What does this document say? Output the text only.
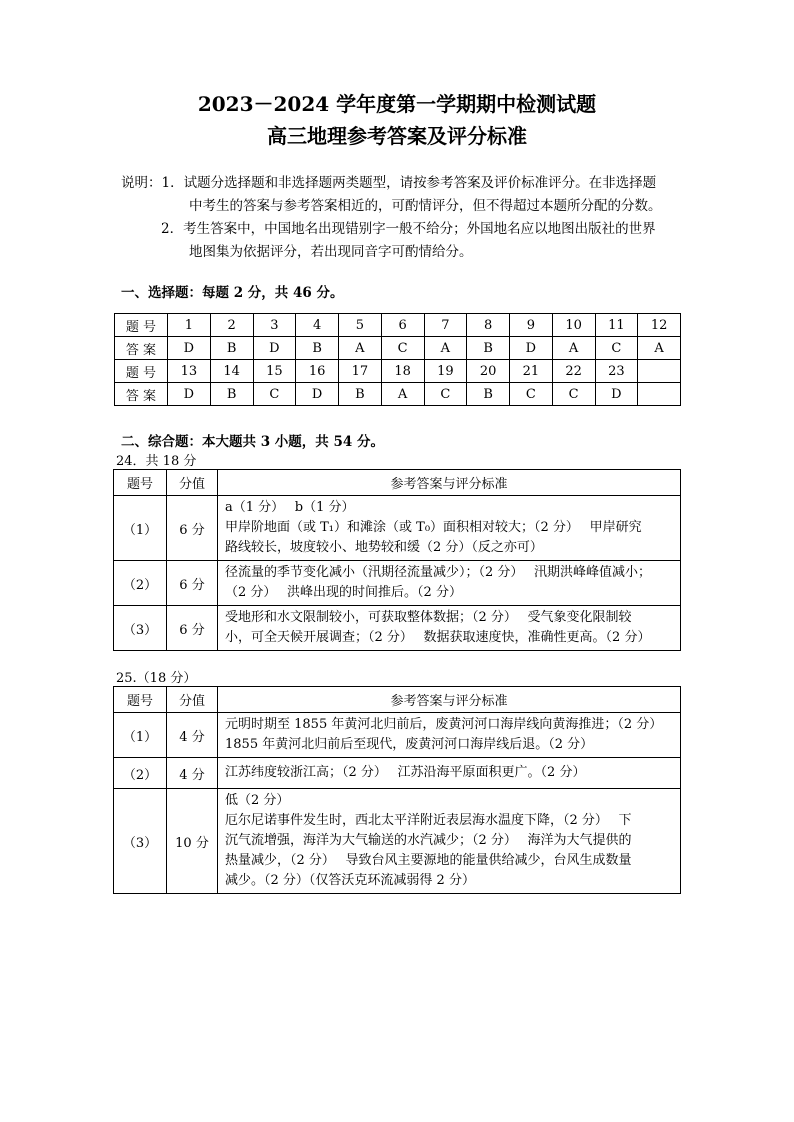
2023－2024 学年度第一学期期中检测试题
高三地理参考答案及评分标准
说明：1．试题分选择题和非选择题两类题型，请按参考答案及评价标准评分。在非选择题
中考生的答案与参考答案相近的，可酌情评分，但不得超过本题所分配的分数。
2．考生答案中，中国地名出现错别字一般不给分；外国地名应以地图出版社的世界
地图集为依据评分，若出现同音字可酌情给分。
一、选择题：每题 2 分，共 46 分。
题 号	1	2	3	4	5	6	7	8	9	10	11	12
答 案	D	B	D	B	A	C	A	B	D	A	C	A
题 号	13	14	15	16	17	18	19	20	21	22	23	
答 案	D	B	C	D	B	A	C	B	C	C	D	
二、综合题：本大题共 3 小题，共 54 分。
24．共 18 分
题号	分值	参考答案与评分标准
（1）	6 分	a（1 分）　 b（1 分）
甲岸阶地面（或 T₁）和滩涂（或 T₀）面积相对较大；（2 分）　 甲岸研究
路线较长，坡度较小、地势较和缓（2 分）（反之亦可）

（2）	6 分	径流量的季节变化减小（汛期径流量减少）；（2 分）　 汛期洪峰峰值减小；
（2 分）　 洪峰出现的时间推后。（2 分）

（3）	6 分	受地形和水文限制较小，可获取整体数据；（2 分）　 受气象变化限制较
小，可全天候开展调查；（2 分）　 数据获取速度快，准确性更高。（2 分）
25.（18 分）
题号	分值	参考答案与评分标准
（1）	4 分	元明时期至 1855 年黄河北归前后，废黄河河口海岸线向黄海推进；（2 分）
1855 年黄河北归前后至现代，废黄河河口海岸线后退。（2 分）

（2）	4 分	江苏纬度较浙江高；（2 分）　 江苏沿海平原面积更广。（2 分）

（3）	10 分	低（2 分）
厄尔尼诺事件发生时，西北太平洋附近表层海水温度下降，（2 分）　 下
沉气流增强，海洋为大气输送的水汽减少；（2 分）　 海洋为大气提供的
热量减少，（2 分）　 导致台风主要源地的能量供给减少，台风生成数量
减少。（2 分）（仅答沃克环流减弱得 2 分）
